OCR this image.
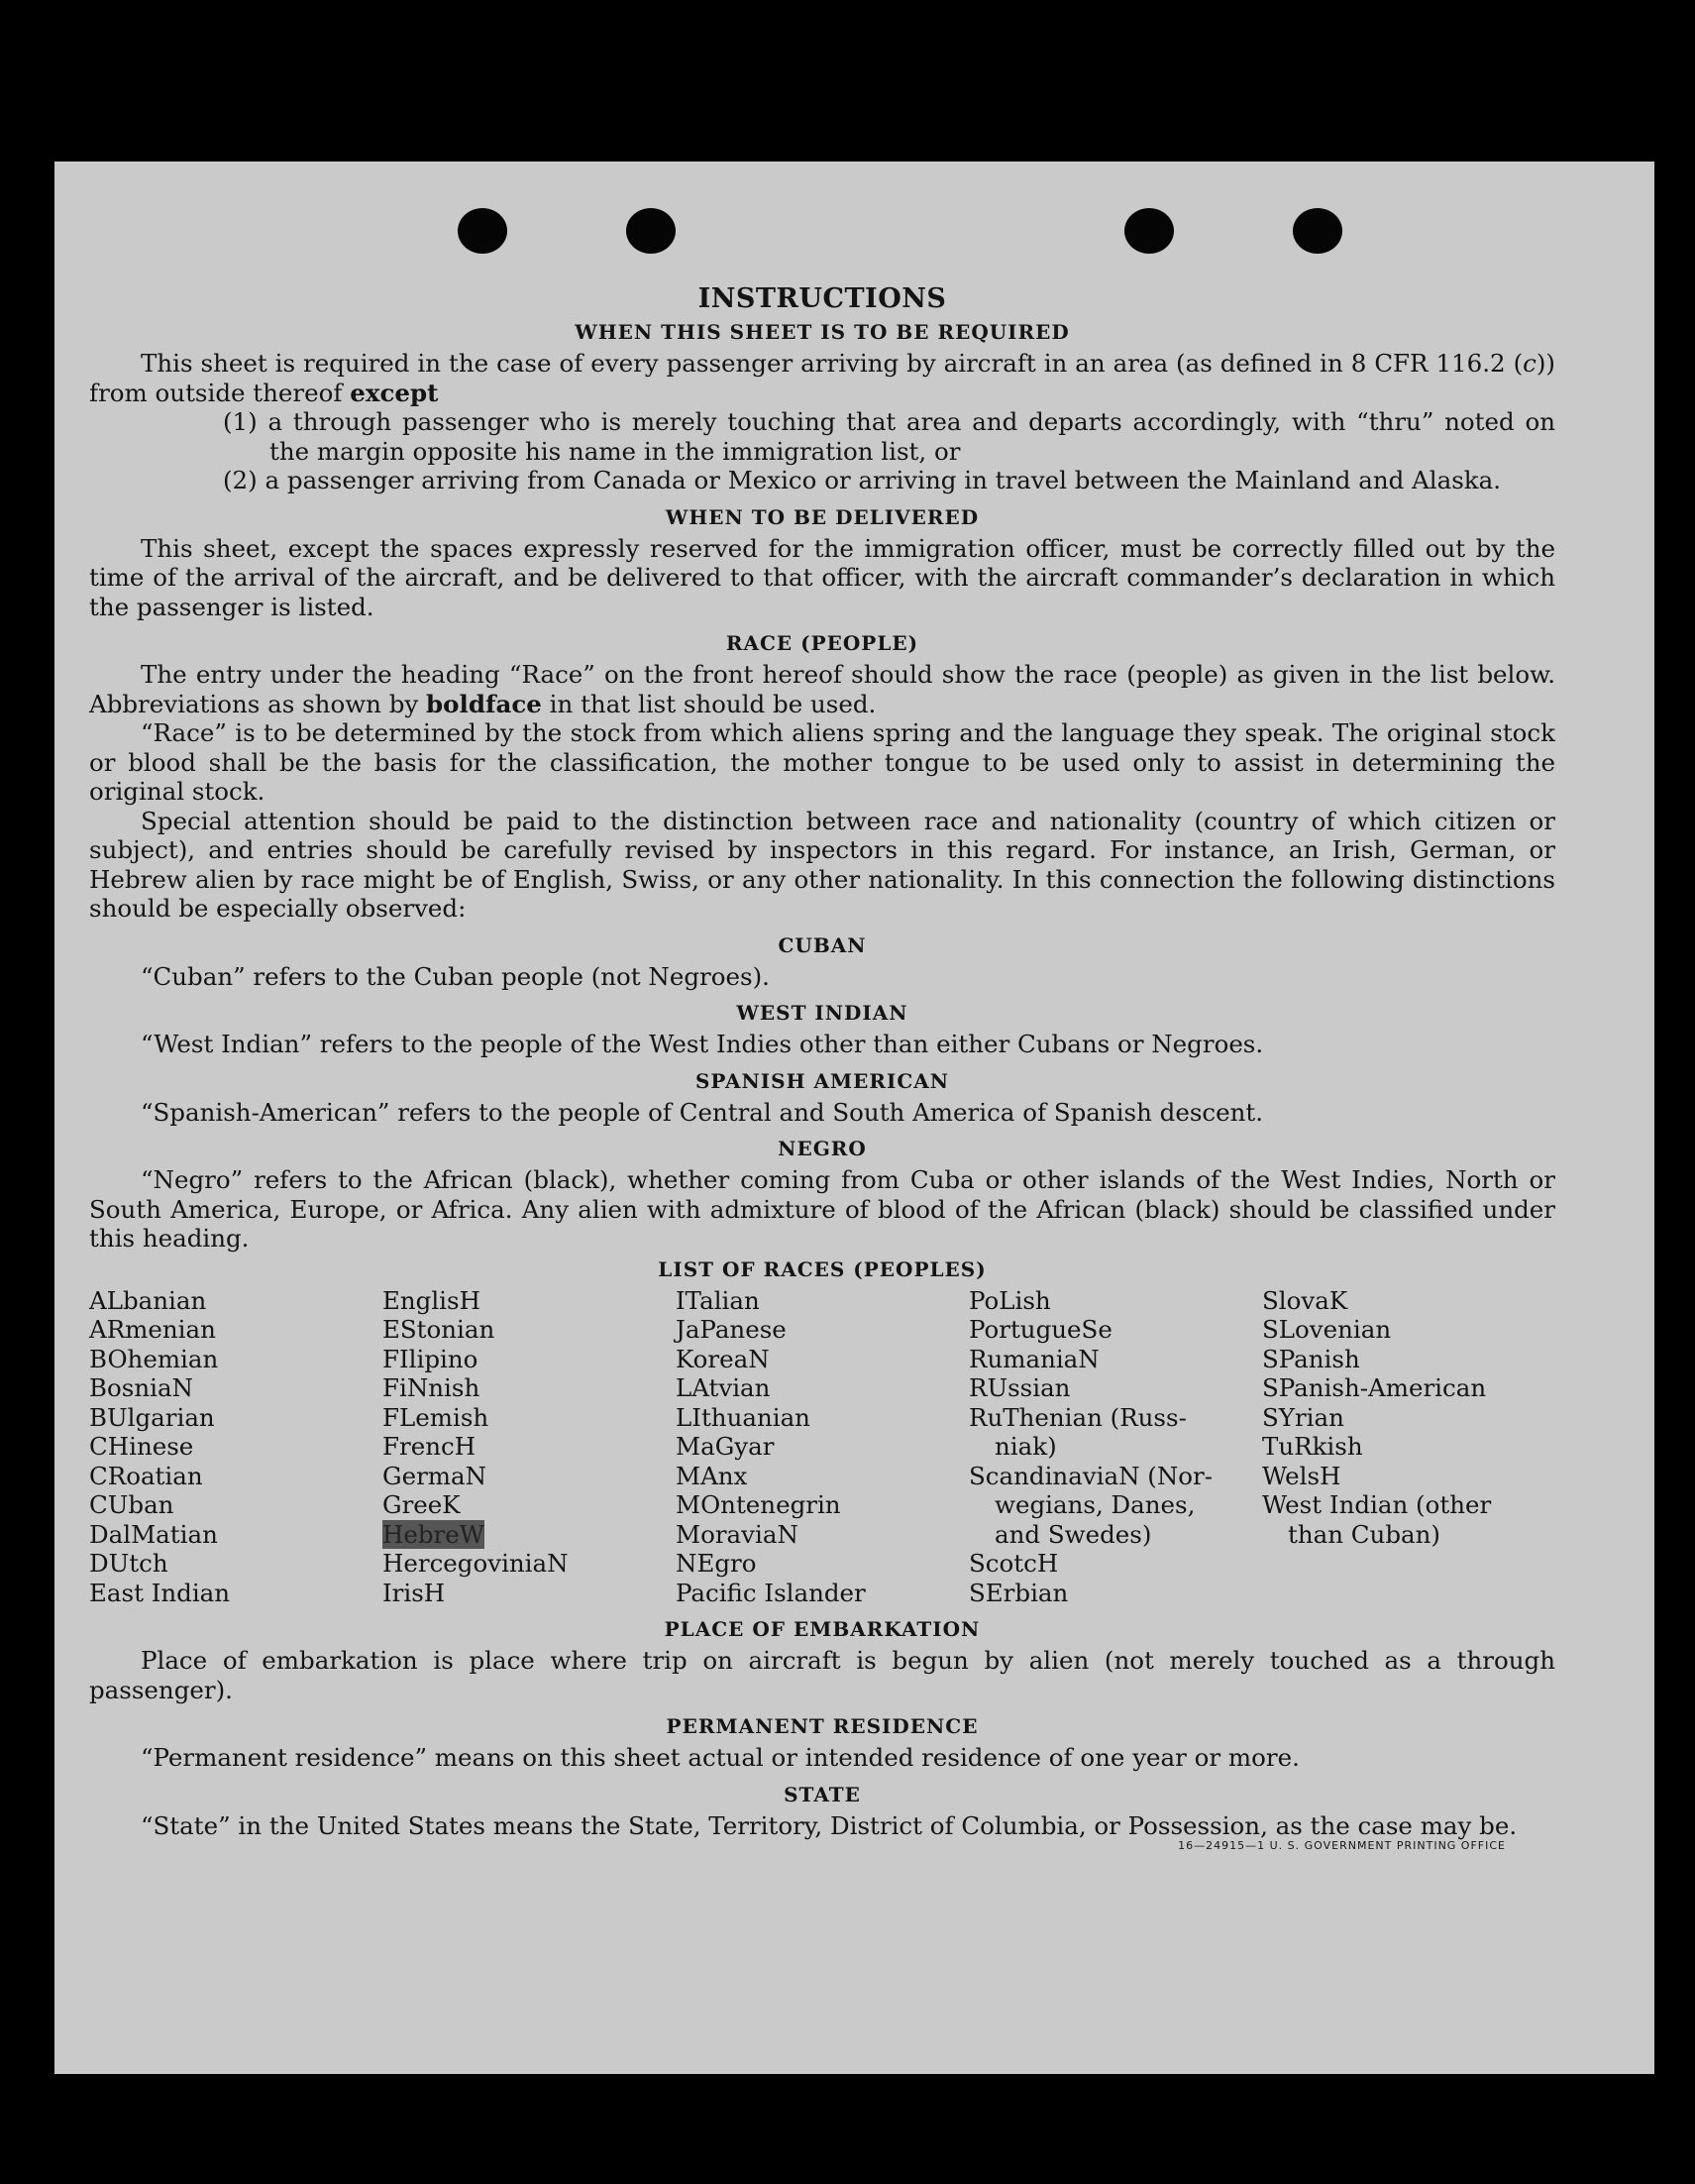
INSTRUCTIONS
WHEN THIS SHEET IS TO BE REQUIRED

This sheet is required in the case of every passenger arriving by aircraft in an area (as defined in 8 CFR 116.2 (c)) from outside thereof except

(1) a through passenger who is merely touching that area and departs accordingly, with “thru” noted on the margin opposite his name in the immigration list, or

(2) a passenger arriving from Canada or Mexico or arriving in travel between the Mainland and Alaska.

WHEN TO BE DELIVERED

This sheet, except the spaces expressly reserved for the immigration officer, must be correctly filled out by the time of the arrival of the aircraft, and be delivered to that officer, with the aircraft commander’s declaration in which the passenger is listed.

RACE (PEOPLE)

The entry under the heading “Race” on the front hereof should show the race (people) as given in the list below. Abbreviations as shown by boldface in that list should be used.

“Race” is to be determined by the stock from which aliens spring and the language they speak. The original stock or blood shall be the basis for the classification, the mother tongue to be used only to assist in determining the original stock.

Special attention should be paid to the distinction between race and nationality (country of which citizen or subject), and entries should be carefully revised by inspectors in this regard. For instance, an Irish, German, or Hebrew alien by race might be of English, Swiss, or any other nationality. In this connection the following distinctions should be especially observed:

CUBAN

“Cuban” refers to the Cuban people (not Negroes).

WEST INDIAN

“West Indian” refers to the people of the West Indies other than either Cubans or Negroes.

SPANISH AMERICAN

“Spanish-American” refers to the people of Central and South America of Spanish descent.

NEGRO

“Negro” refers to the African (black), whether coming from Cuba or other islands of the West Indies, North or South America, Europe, or Africa. Any alien with admixture of blood of the African (black) should be classified under this heading.

LIST OF RACES (PEOPLES)
ALbanian
ARmenian
BOhemian
BosniaN
BUlgarian
CHinese
CRoatian
CUban
DalMatian
DUtch
East Indian
EnglisH
EStonian
FIlipino
FiNnish
FLemish
FrencH
GermaN
GreeK
HebreW
HercegoviniaN
IrisH
ITalian
JaPanese
KoreaN
LAtvian
LIthuanian
MaGyar
MAnx
MOntenegrin
MoraviaN
NEgro
Pacific Islander
PoLish
PortugueSe
RumaniaN
RUssian
RuThenian (Russ-
niak)
ScandinaviaN (Nor-
wegians, Danes,
and Swedes)
ScotcH
SErbian
SlovaK
SLovenian
SPanish
SPanish-American
SYrian
TuRkish
WelsH
West Indian (other
than Cuban)
PLACE OF EMBARKATION

Place of embarkation is place where trip on aircraft is begun by alien (not merely touched as a through passenger).

PERMANENT RESIDENCE

“Permanent residence” means on this sheet actual or intended residence of one year or more.

STATE

“State” in the United States means the State, Territory, District of Columbia, or Possession, as the case may be.

16—24915—1 U. S. GOVERNMENT PRINTING OFFICE
